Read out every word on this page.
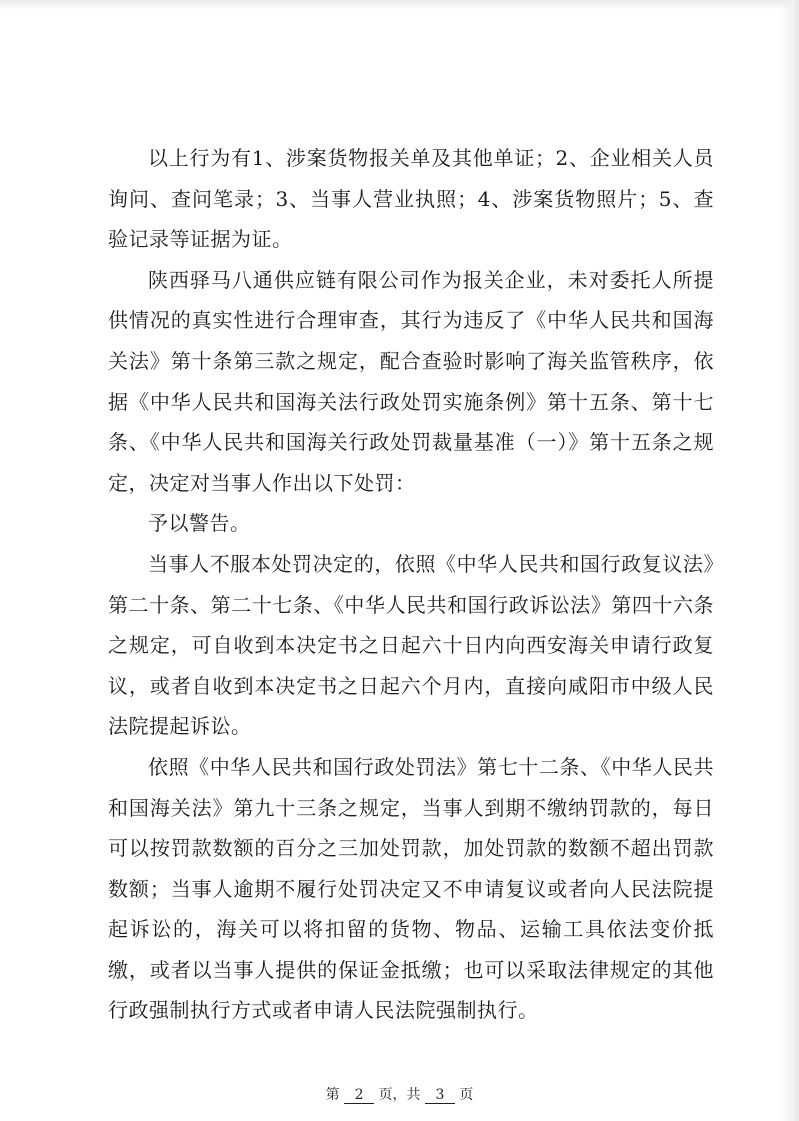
以上行为有1、涉案货物报关单及其他单证；2、企业相关人员询问、查问笔录；3、当事人营业执照；4、涉案货物照片；5、查验记录等证据为证。

陕西驿马八通供应链有限公司作为报关企业，未对委托人所提供情况的真实性进行合理审查，其行为违反了《中华人民共和国海关法》第十条第三款之规定，配合查验时影响了海关监管秩序，依据《中华人民共和国海关法行政处罚实施条例》第十五条、第十七条、《中华人民共和国海关行政处罚裁量基准（一）》第十五条之规定，决定对当事人作出以下处罚：

予以警告。

当事人不服本处罚决定的，依照《中华人民共和国行政复议法》第二十条、第二十七条、《中华人民共和国行政诉讼法》第四十六条之规定，可自收到本决定书之日起六十日内向西安海关申请行政复议，或者自收到本决定书之日起六个月内，直接向咸阳市中级人民法院提起诉讼。

依照《中华人民共和国行政处罚法》第七十二条、《中华人民共和国海关法》第九十三条之规定，当事人到期不缴纳罚款的，每日可以按罚款数额的百分之三加处罚款，加处罚款的数额不超出罚款数额；当事人逾期不履行处罚决定又不申请复议或者向人民法院提起诉讼的，海关可以将扣留的货物、物品、运输工具依法变价抵缴，或者以当事人提供的保证金抵缴；也可以采取法律规定的其他行政强制执行方式或者申请人民法院强制执行。

第 2 页，共 3 页
